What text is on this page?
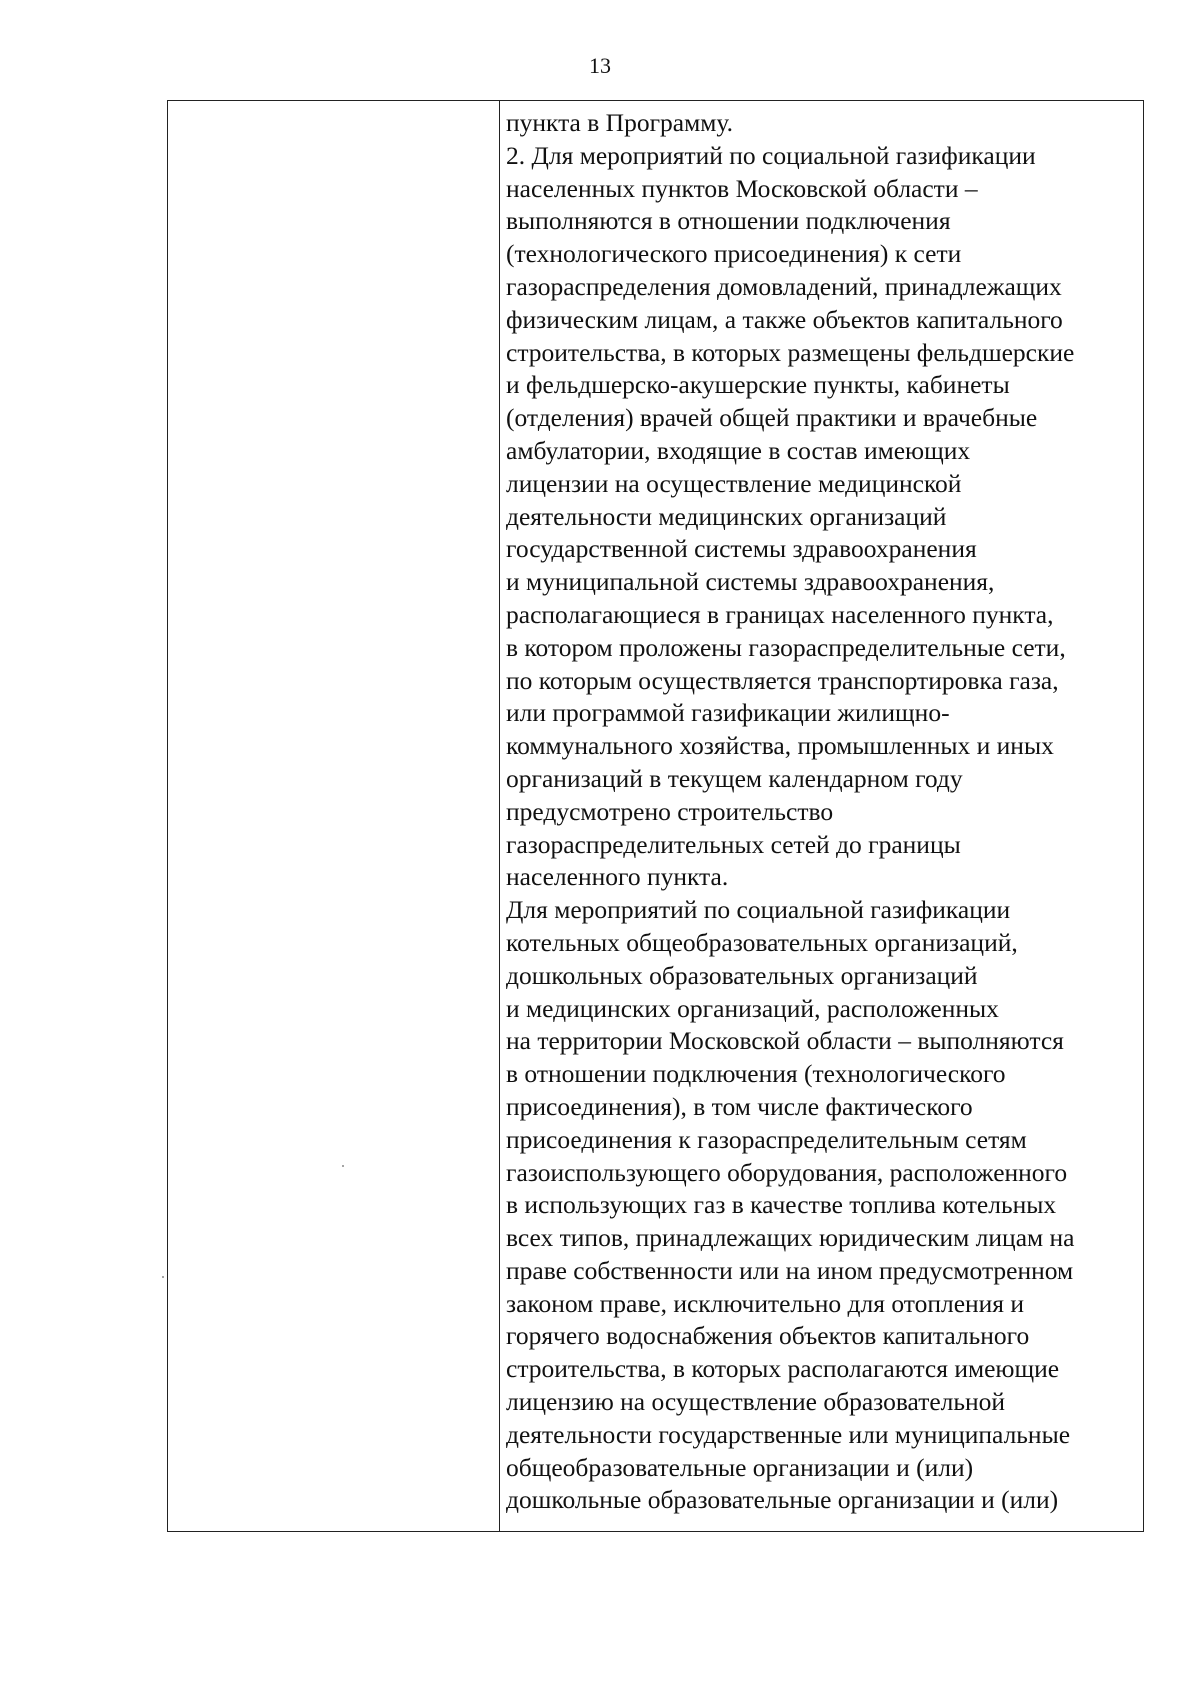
13
пункта в Программу.
2. Для мероприятий по социальной газификации
населенных пунктов Московской области –
выполняются в отношении подключения
(технологического присоединения) к сети
газораспределения домовладений, принадлежащих
физическим лицам, а также объектов капитального
строительства, в которых размещены фельдшерские
и фельдшерско-акушерские пункты, кабинеты
(отделения) врачей общей практики и врачебные
амбулатории, входящие в состав имеющих
лицензии на осуществление медицинской
деятельности медицинских организаций
государственной системы здравоохранения
и муниципальной системы здравоохранения,
располагающиеся в границах населенного пункта,
в котором проложены газораспределительные сети,
по которым осуществляется транспортировка газа,
или программой газификации жилищно-
коммунального хозяйства, промышленных и иных
организаций в текущем календарном году
предусмотрено строительство
газораспределительных сетей до границы
населенного пункта.
Для мероприятий по социальной газификации
котельных общеобразовательных организаций,
дошкольных образовательных организаций
и медицинских организаций, расположенных
на территории Московской области – выполняются
в отношении подключения (технологического
присоединения), в том числе фактического
присоединения к газораспределительным сетям
газоиспользующего оборудования, расположенного
в использующих газ в качестве топлива котельных
всех типов, принадлежащих юридическим лицам на
праве собственности или на ином предусмотренном
законом праве, исключительно для отопления и
горячего водоснабжения объектов капитального
строительства, в которых располагаются имеющие
лицензию на осуществление образовательной
деятельности государственные или муниципальные
общеобразовательные организации и (или)
дошкольные образовательные организации и (или)
